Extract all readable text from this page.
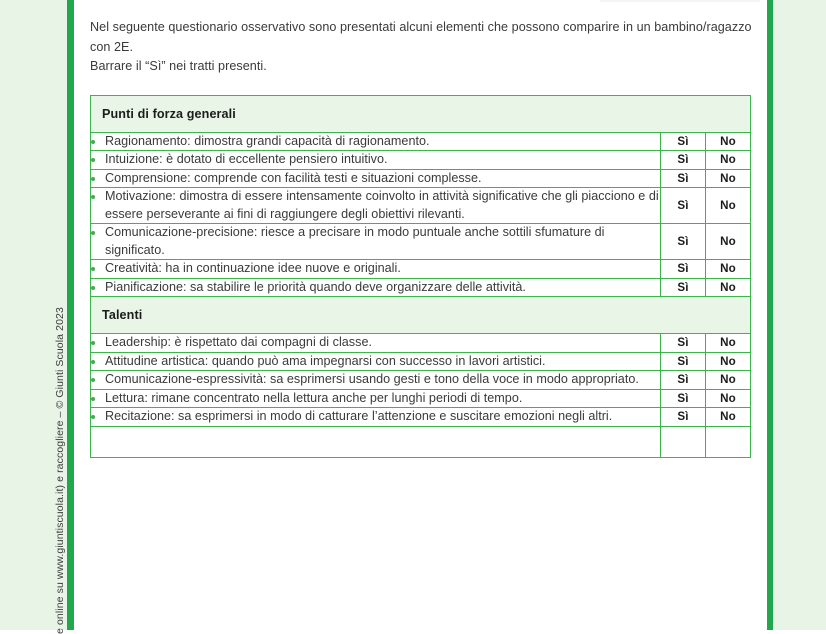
e online su www.giuntiscuola.it) e raccogliere – © Giunti Scuola 2023

Nel seguente questionario osservativo sono presentati alcuni elementi che possono comparire in un bambino/ragazzo con 2E.

Barrare il “Sì” nei tratti presenti.

Punti di forza generali		

Ragionamento: dimostra grandi capacità di ragionamento.	Sì	No

Intuizione: è dotato di eccellente pensiero intuitivo.	Sì	No

Comprensione: comprende con facilità testi e situazioni complesse.	Sì	No

Motivazione: dimostra di essere intensamente coinvolto in attività significative che gli piacciono e di essere perseverante ai fini di raggiungere degli obiettivi rilevanti.	Sì	No

Comunicazione-precisione: riesce a precisare in modo puntuale anche sottili sfumature di significato.	Sì	No

Creatività: ha in continuazione idee nuove e originali.	Sì	No

Pianificazione: sa stabilire le priorità quando deve organizzare delle attività.	Sì	No

Talenti		

Leadership: è rispettato dai compagni di classe.	Sì	No

Attitudine artistica: quando può ama impegnarsi con successo in lavori artistici.	Sì	No

Comunicazione-espressività: sa esprimersi usando gesti e tono della voce in modo appropriato.	Sì	No

Lettura: rimane concentrato nella lettura anche per lunghi periodi di tempo.	Sì	No

Recitazione: sa esprimersi in modo di catturare l’attenzione e suscitare emozioni negli altri.	Sì	No
